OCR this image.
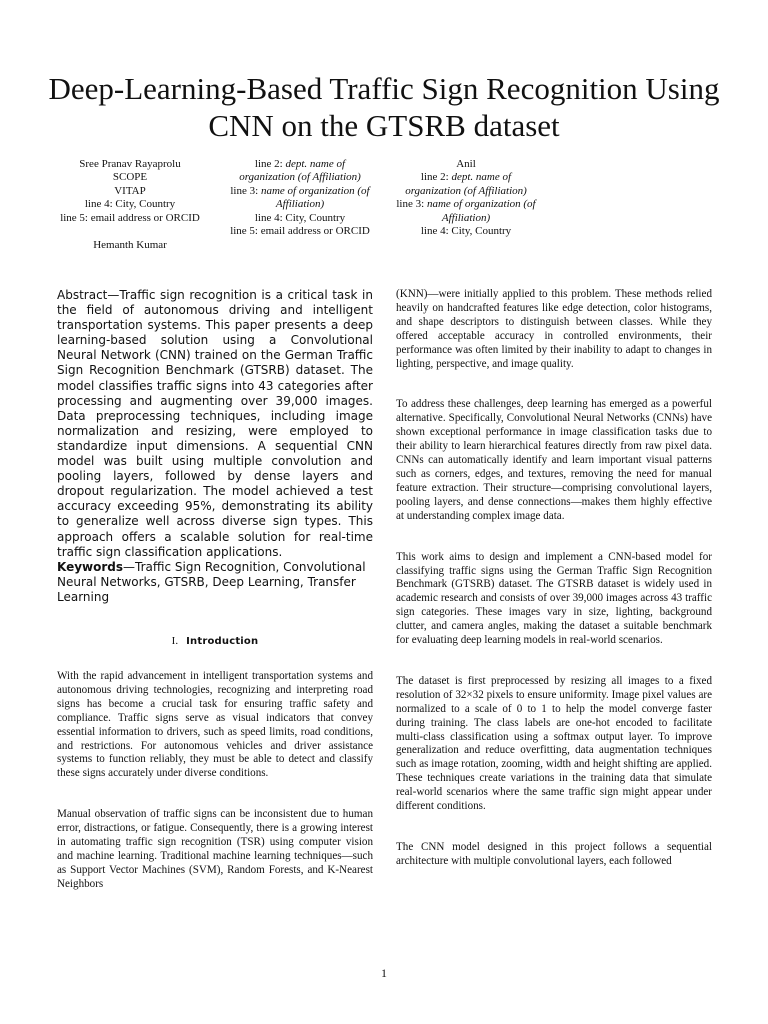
Deep-Learning-Based Traffic Sign Recognition Using CNN on the GTSRB dataset
Sree Pranav Rayaprolu
SCOPE
VITAP
line 4: City, Country
line 5: email address or ORCID
line 2: dept. name of
organization (of Affiliation)
line 3: name of organization (of
Affiliation)
line 4: City, Country
line 5: email address or ORCID
Anil
line 2: dept. name of
organization (of Affiliation)
line 3: name of organization (of
Affiliation)
line 4: City, Country
Hemanth Kumar

Abstract—Traffic sign recognition is a critical task in the field of autonomous driving and intelligent transportation systems. This paper presents a deep learning-based solution using a Convolutional Neural Network (CNN) trained on the German Traffic Sign Recognition Benchmark (GTSRB) dataset. The model classifies traffic signs into 43 categories after processing and augmenting over 39,000 images. Data preprocessing techniques, including image normalization and resizing, were employed to standardize input dimensions. A sequential CNN model was built using multiple convolution and pooling layers, followed by dense layers and dropout regularization. The model achieved a test accuracy exceeding 95%, demonstrating its ability to generalize well across diverse sign types. This approach offers a scalable solution for real-time traffic sign classification applications.

Keywords—Traffic Sign Recognition, Convolutional Neural Networks, GTSRB, Deep Learning, Transfer Learning

I. Introduction

With the rapid advancement in intelligent transportation systems and autonomous driving technologies, recognizing and interpreting road signs has become a crucial task for ensuring traffic safety and compliance. Traffic signs serve as visual indicators that convey essential information to drivers, such as speed limits, road conditions, and restrictions. For autonomous vehicles and driver assistance systems to function reliably, they must be able to detect and classify these signs accurately under diverse conditions.

Manual observation of traffic signs can be inconsistent due to human error, distractions, or fatigue. Consequently, there is a growing interest in automating traffic sign recognition (TSR) using computer vision and machine learning. Traditional machine learning techniques—such as Support Vector Machines (SVM), Random Forests, and K-Nearest Neighbors

(KNN)—were initially applied to this problem. These methods relied heavily on handcrafted features like edge detection, color histograms, and shape descriptors to distinguish between classes. While they offered acceptable accuracy in controlled environments, their performance was often limited by their inability to adapt to changes in lighting, perspective, and image quality.

To address these challenges, deep learning has emerged as a powerful alternative. Specifically, Convolutional Neural Networks (CNNs) have shown exceptional performance in image classification tasks due to their ability to learn hierarchical features directly from raw pixel data. CNNs can automatically identify and learn important visual patterns such as corners, edges, and textures, removing the need for manual feature extraction. Their structure—comprising convolutional layers, pooling layers, and dense connections—makes them highly effective at understanding complex image data.

This work aims to design and implement a CNN-based model for classifying traffic signs using the German Traffic Sign Recognition Benchmark (GTSRB) dataset. The GTSRB dataset is widely used in academic research and consists of over 39,000 images across 43 traffic sign categories. These images vary in size, lighting, background clutter, and camera angles, making the dataset a suitable benchmark for evaluating deep learning models in real-world scenarios.

The dataset is first preprocessed by resizing all images to a fixed resolution of 32×32 pixels to ensure uniformity. Image pixel values are normalized to a scale of 0 to 1 to help the model converge faster during training. The class labels are one-hot encoded to facilitate multi-class classification using a softmax output layer. To improve generalization and reduce overfitting, data augmentation techniques such as image rotation, zooming, width and height shifting are applied. These techniques create variations in the training data that simulate real-world scenarios where the same traffic sign might appear under different conditions.

The CNN model designed in this project follows a sequential architecture with multiple convolutional layers, each followed

1
